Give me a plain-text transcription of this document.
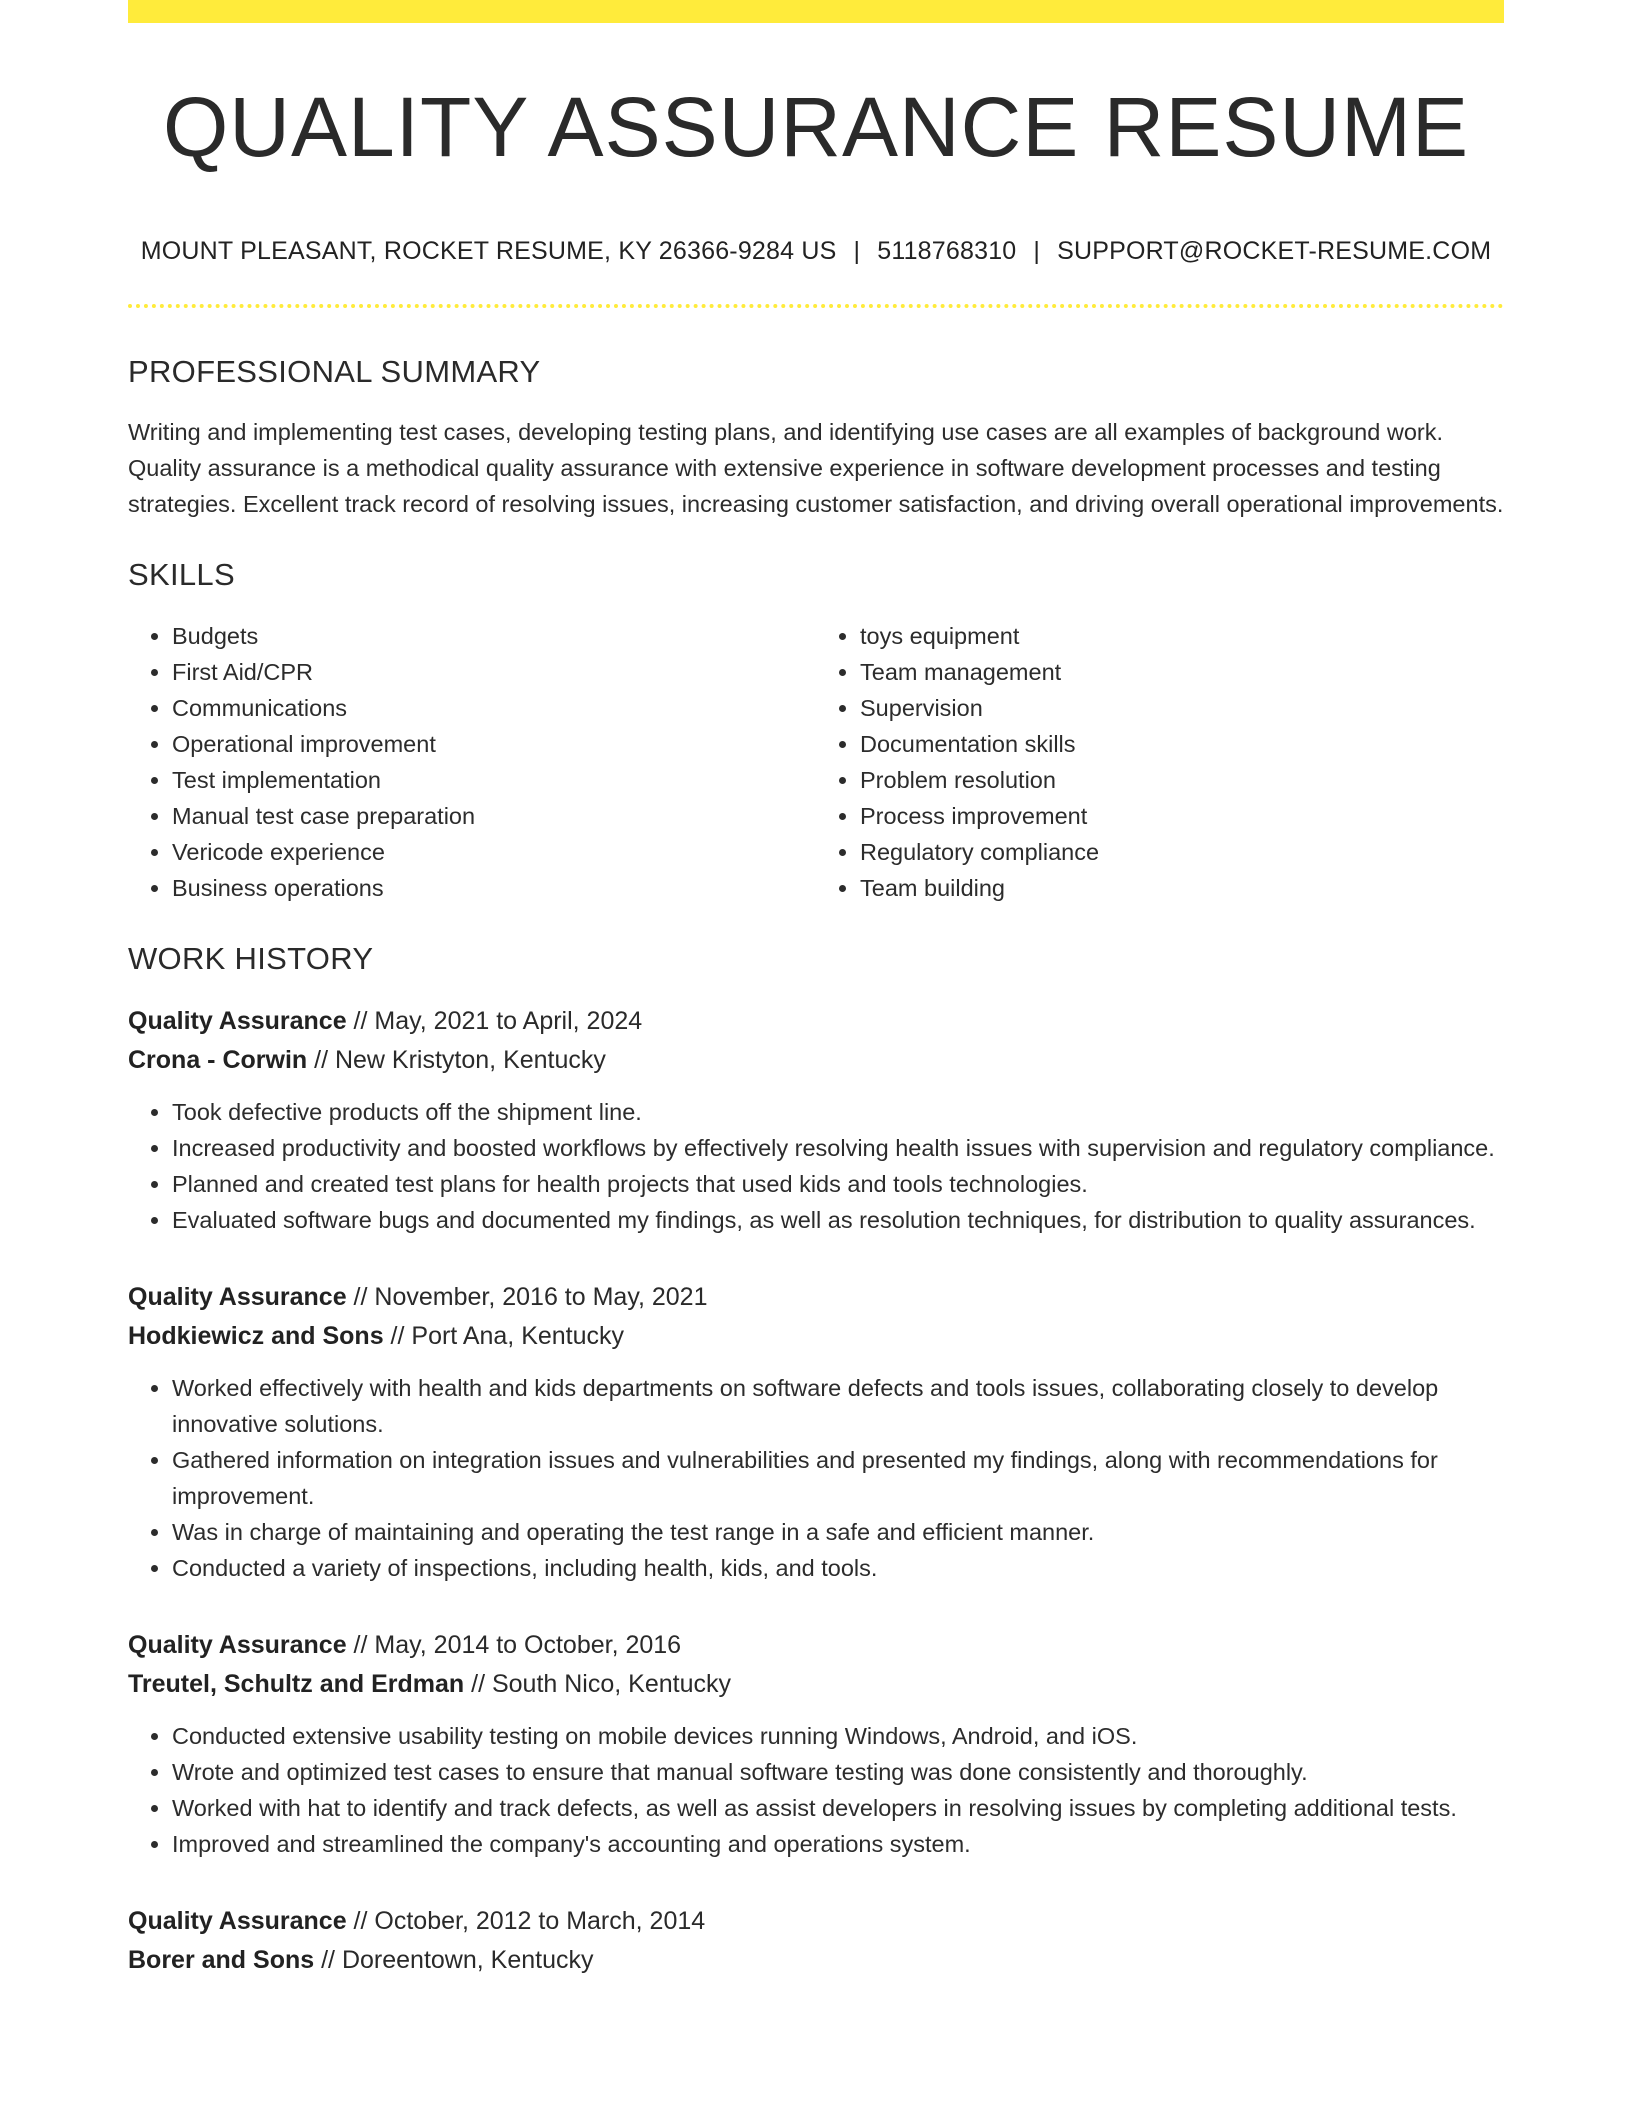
QUALITY ASSURANCE RESUME
MOUNT PLEASANT, ROCKET RESUME, KY 26366-9284 US | 5118768310 | SUPPORT@ROCKET-RESUME.COM
PROFESSIONAL SUMMARY

Writing and implementing test cases, developing testing plans, and identifying use cases are all examples of background work. Quality assurance is a methodical quality assurance with extensive experience in software development processes and testing strategies. Excellent track record of resolving issues, increasing customer satisfaction, and driving overall operational improvements.

SKILLS
• Budgets
• First Aid/CPR
• Communications
• Operational improvement
• Test implementation
• Manual test case preparation
• Vericode experience
• Business operations
• toys equipment
• Team management
• Supervision
• Documentation skills
• Problem resolution
• Process improvement
• Regulatory compliance
• Team building
WORK HISTORY
Quality Assurance // May, 2021 to April, 2024
Crona - Corwin // New Kristyton, Kentucky
• Took defective products off the shipment line.
• Increased productivity and boosted workflows by effectively resolving health issues with supervision and regulatory compliance.
• Planned and created test plans for health projects that used kids and tools technologies.
• Evaluated software bugs and documented my findings, as well as resolution techniques, for distribution to quality assurances.
Quality Assurance // November, 2016 to May, 2021
Hodkiewicz and Sons // Port Ana, Kentucky
• Worked effectively with health and kids departments on software defects and tools issues, collaborating closely to develop innovative solutions.
• Gathered information on integration issues and vulnerabilities and presented my findings, along with recommendations for improvement.
• Was in charge of maintaining and operating the test range in a safe and efficient manner.
• Conducted a variety of inspections, including health, kids, and tools.
Quality Assurance // May, 2014 to October, 2016
Treutel, Schultz and Erdman // South Nico, Kentucky
• Conducted extensive usability testing on mobile devices running Windows, Android, and iOS.
• Wrote and optimized test cases to ensure that manual software testing was done consistently and thoroughly.
• Worked with hat to identify and track defects, as well as assist developers in resolving issues by completing additional tests.
• Improved and streamlined the company's accounting and operations system.
Quality Assurance // October, 2012 to March, 2014
Borer and Sons // Doreentown, Kentucky
